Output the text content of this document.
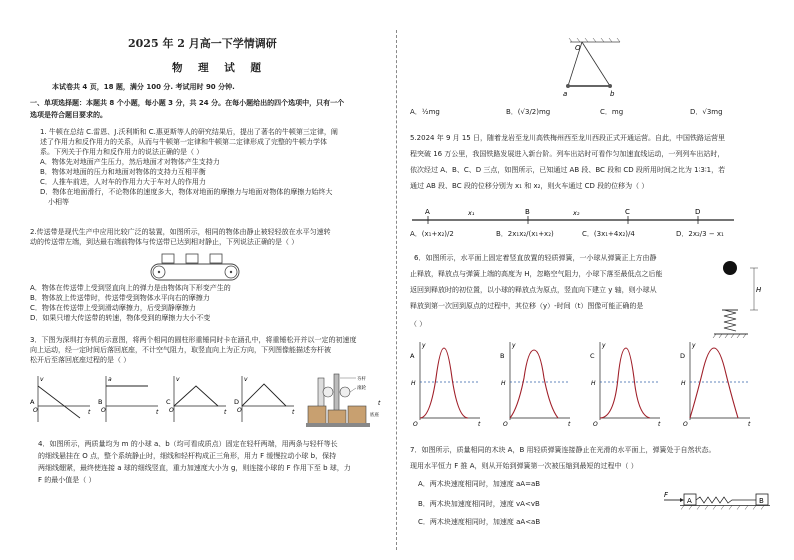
2025 年 2 月高一下学情调研
物 理 试 题
本试卷共 4 页，18 题，满分 100 分. 考试用时 90 分钟.
一、单项选择题：本题共 8 个小题，每小题 3 分，共 24 分。在每小题给出的四个选项中，只有一个
选项是符合题目要求的。
1. 牛顿在总结 C.雷恩、J.沃利斯和 C.惠更斯等人的研究结果后，提出了著名的牛顿第三定律，阐
述了作用力和反作用力的关系，从而与牛顿第一定律和牛顿第二定律形成了完整的牛顿力学体
系。下列关于作用力和反作用力的说法正确的是（ ）
A．物体先对地面产生压力，然后地面才对物体产生支持力
B．物体对地面的压力和地面对物体的支持力互相平衡
C．人推车前进，人对车的作用力大于车对人的作用力
D．物体在地面滑行，不论物体的速度多大，物体对地面的摩擦力与地面对物体的摩擦力始终大
小相等
2.传送带是现代生产中应用比较广泛的装置，如图所示，相同的物体由静止被轻轻放在水平匀速转
动的传送带左端，到达最右端前物体与传送带已达到相对静止，下列说法正确的是（ ）
A．物体在传送带上受到竖直向上的弹力是由物体向下形变产生的
B．物体放上传送带时，传送带受到物体水平向右的摩擦力
C．物体在传送带上受到滑动摩擦力，后受到静摩擦力
D．如果只增大传送带的转速，物体受到的摩擦力大小不变
3．下图为深圳打夯机的示意图，将两个相同的圆柱形重锤同时卡在涵孔中，将重锤松开并以一定的初速度
向上运动，经一定时间后落回底座，不计空气阻力，取竖直向上为正方向，下列图像能描述夯杆被
松开后至落回底座过程的是（ ）
v
t
O
A
a
t
O
B
v
t
O
C
v
t
O
D
夯杆
滚轮
底座
t
4．如图所示，两质量均为 m 的小球 a、b（均可看成质点）固定在轻杆两端，用两条与轻杆等长
的细线悬挂在 O 点，整个系统静止时，细线和轻杆构成正三角形，用力 F 缓慢拉动小球 b，保持
两细线绷紧，最终使连接 a 球的细线竖直，重力加速度大小为 g，则连接小球的 F 作用下至 b 球，力
F 的最小值是（ ）
O
a	b
A．½mg	B．(√3/2)mg	C．mg	D．√3mg
5.2024 年 9 月 15 日，随着龙岩至龙川高铁梅州西至龙川西段正式开通运营。自此，中国铁路运营里
程突破 16 万公里，我国铁路发展进入新台阶。列车出站时可看作匀加速直线运动，一列列车出站时，
依次经过 A、B、C、D 三点，如图所示，已知通过 AB 段、BC 段和 CD 段所用时间之比为 1∶3∶1，若
通过 AB 段、BC 段的位移分别为 x₁ 和 x₂，则火车通过 CD 段的位移为（ ）
A	B	C	D
x₁	x₂
A．(x₁+x₂)/2	B．2x₁x₂/(x₁+x₂)	C．(3x₁+4x₂)/4	D．2x₂/3 − x₁
6．如图所示，水平面上固定着竖直放置的轻质弹簧，一小球从弹簧正上方由静
止释放，释放点与弹簧上端的高度为 H，忽略空气阻力，小球下落至最低点之后能
返回到释放时的初位置，以小球的释放点为原点，竖直向下建立 y 轴，则小球从
释放到第一次回到原点的过程中，其位移（y）-时间（t）图像可能正确的是
（ ）
H
y
t
O
H
A
y
t
O
H
B
y
t
O
H
C
y
t
O
H
D
7．如图所示，质量相同的木块 A，B 用轻质弹簧连接静止在光滑的水平面上，弹簧处于自然状态。
现用水平恒力 F 推 A，则从开始到弹簧第一次被压缩到最短的过程中（ ）
A．两木块速度相同时，加速度 aA=aB
B．两木块加速度相同时，速度 vA<vB
C．两木块速度相同时，加速度 aA<aB
F
A	B
